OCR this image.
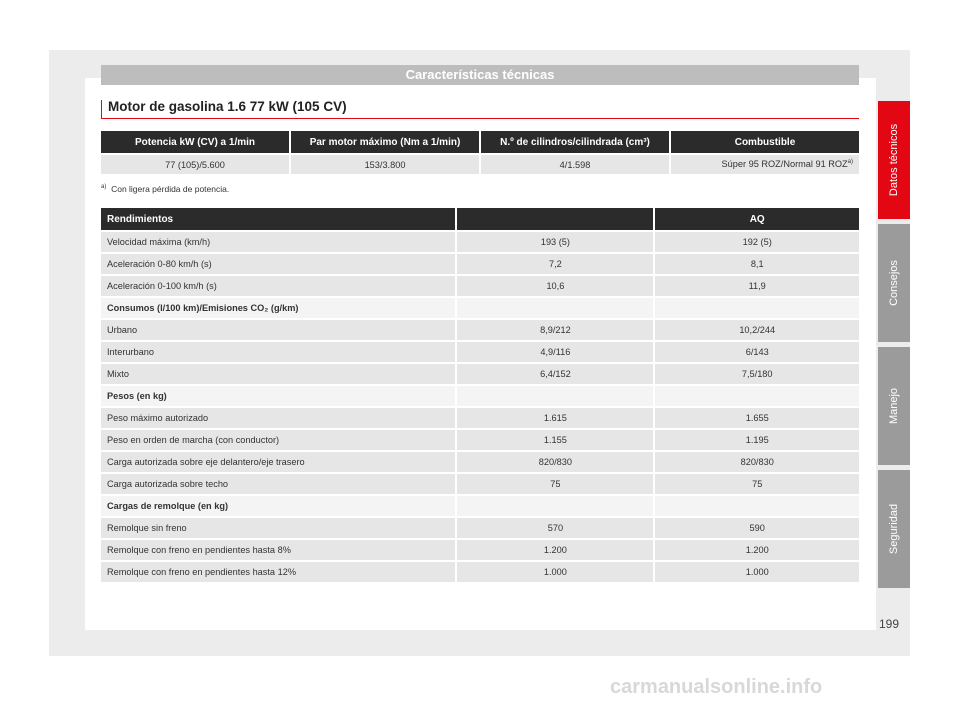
Características técnicas
Motor de gasolina 1.6 77 kW (105 CV)
Potencia kW (CV) a 1/min	Par motor máximo (Nm a 1/min)	N.º de cilindros/cilindrada (cm³)	Combustible
77 (105)/5.600	153/3.800	4/1.598	Súper 95 ROZ/Normal 91 ROZ$^{a)}$
$^{a)}$ Con ligera pérdida de potencia.
Rendimientos		AQ
Velocidad máxima (km/h)	193 (5)	192 (5)
Aceleración 0-80 km/h (s)	7,2	8,1
Aceleración 0-100 km/h (s)	10,6	11,9
Consumos (l/100 km)/Emisiones CO₂ (g/km)		
Urbano	8,9/212	10,2/244
Interurbano	4,9/116	6/143
Mixto	6,4/152	7,5/180
Pesos (en kg)		
Peso máximo autorizado	1.615	1.655
Peso en orden de marcha (con conductor)	1.155	1.195
Carga autorizada sobre eje delantero/eje trasero	820/830	820/830
Carga autorizada sobre techo	75	75
Cargas de remolque (en kg)		
Remolque sin freno	570	590
Remolque con freno en pendientes hasta 8%	1.200	1.200
Remolque con freno en pendientes hasta 12%	1.000	1.000
Datos técnicos
Consejos
Manejo
Seguridad
199
carmanualsonline.info
